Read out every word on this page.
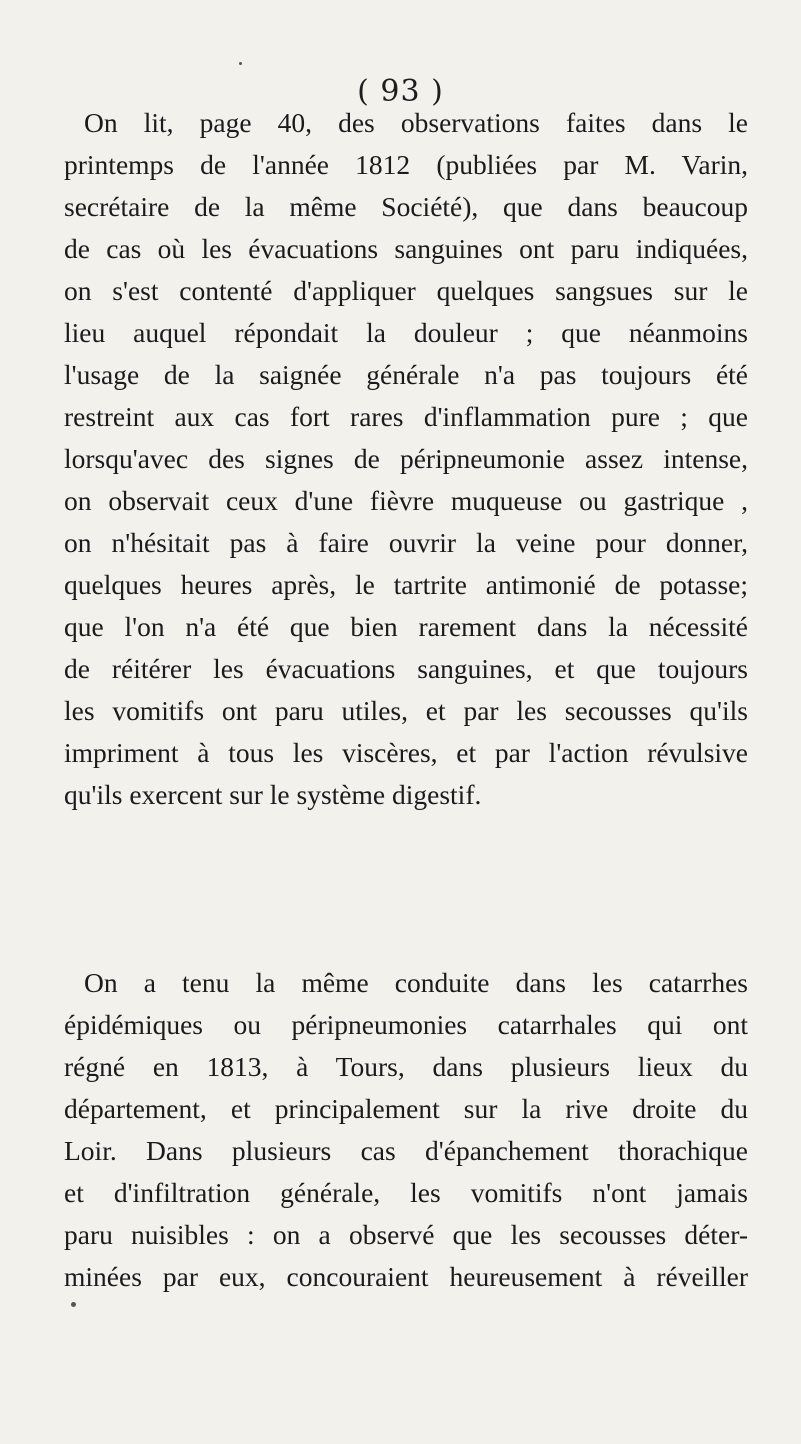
( 93 )
On lit, page 40, des observations faites dans le
printemps de l'année 1812 (publiées par M. Varin,
secrétaire de la même Société), que dans beaucoup
de cas où les évacuations sanguines ont paru indiquées,
on s'est contenté d'appliquer quelques sangsues sur le
lieu auquel répondait la douleur ; que néanmoins
l'usage de la saignée générale n'a pas toujours été
restreint aux cas fort rares d'inflammation pure ; que
lorsqu'avec des signes de péripneumonie assez intense,
on observait ceux d'une fièvre muqueuse ou gastrique ,
on n'hésitait pas à faire ouvrir la veine pour donner,
quelques heures après, le tartrite antimonié de potasse;
que l'on n'a été que bien rarement dans la nécessité
de réitérer les évacuations sanguines, et que toujours
les vomitifs ont paru utiles, et par les secousses qu'ils
impriment à tous les viscères, et par l'action révulsive
qu'ils exercent sur le système digestif.
On a tenu la même conduite dans les catarrhes
épidémiques ou péripneumonies catarrhales qui ont
régné en 1813, à Tours, dans plusieurs lieux du
département, et principalement sur la rive droite du
Loir. Dans plusieurs cas d'épanchement thorachique
et d'infiltration générale, les vomitifs n'ont jamais
paru nuisibles : on a observé que les secousses déter-
minées par eux, concouraient heureusement à réveiller
